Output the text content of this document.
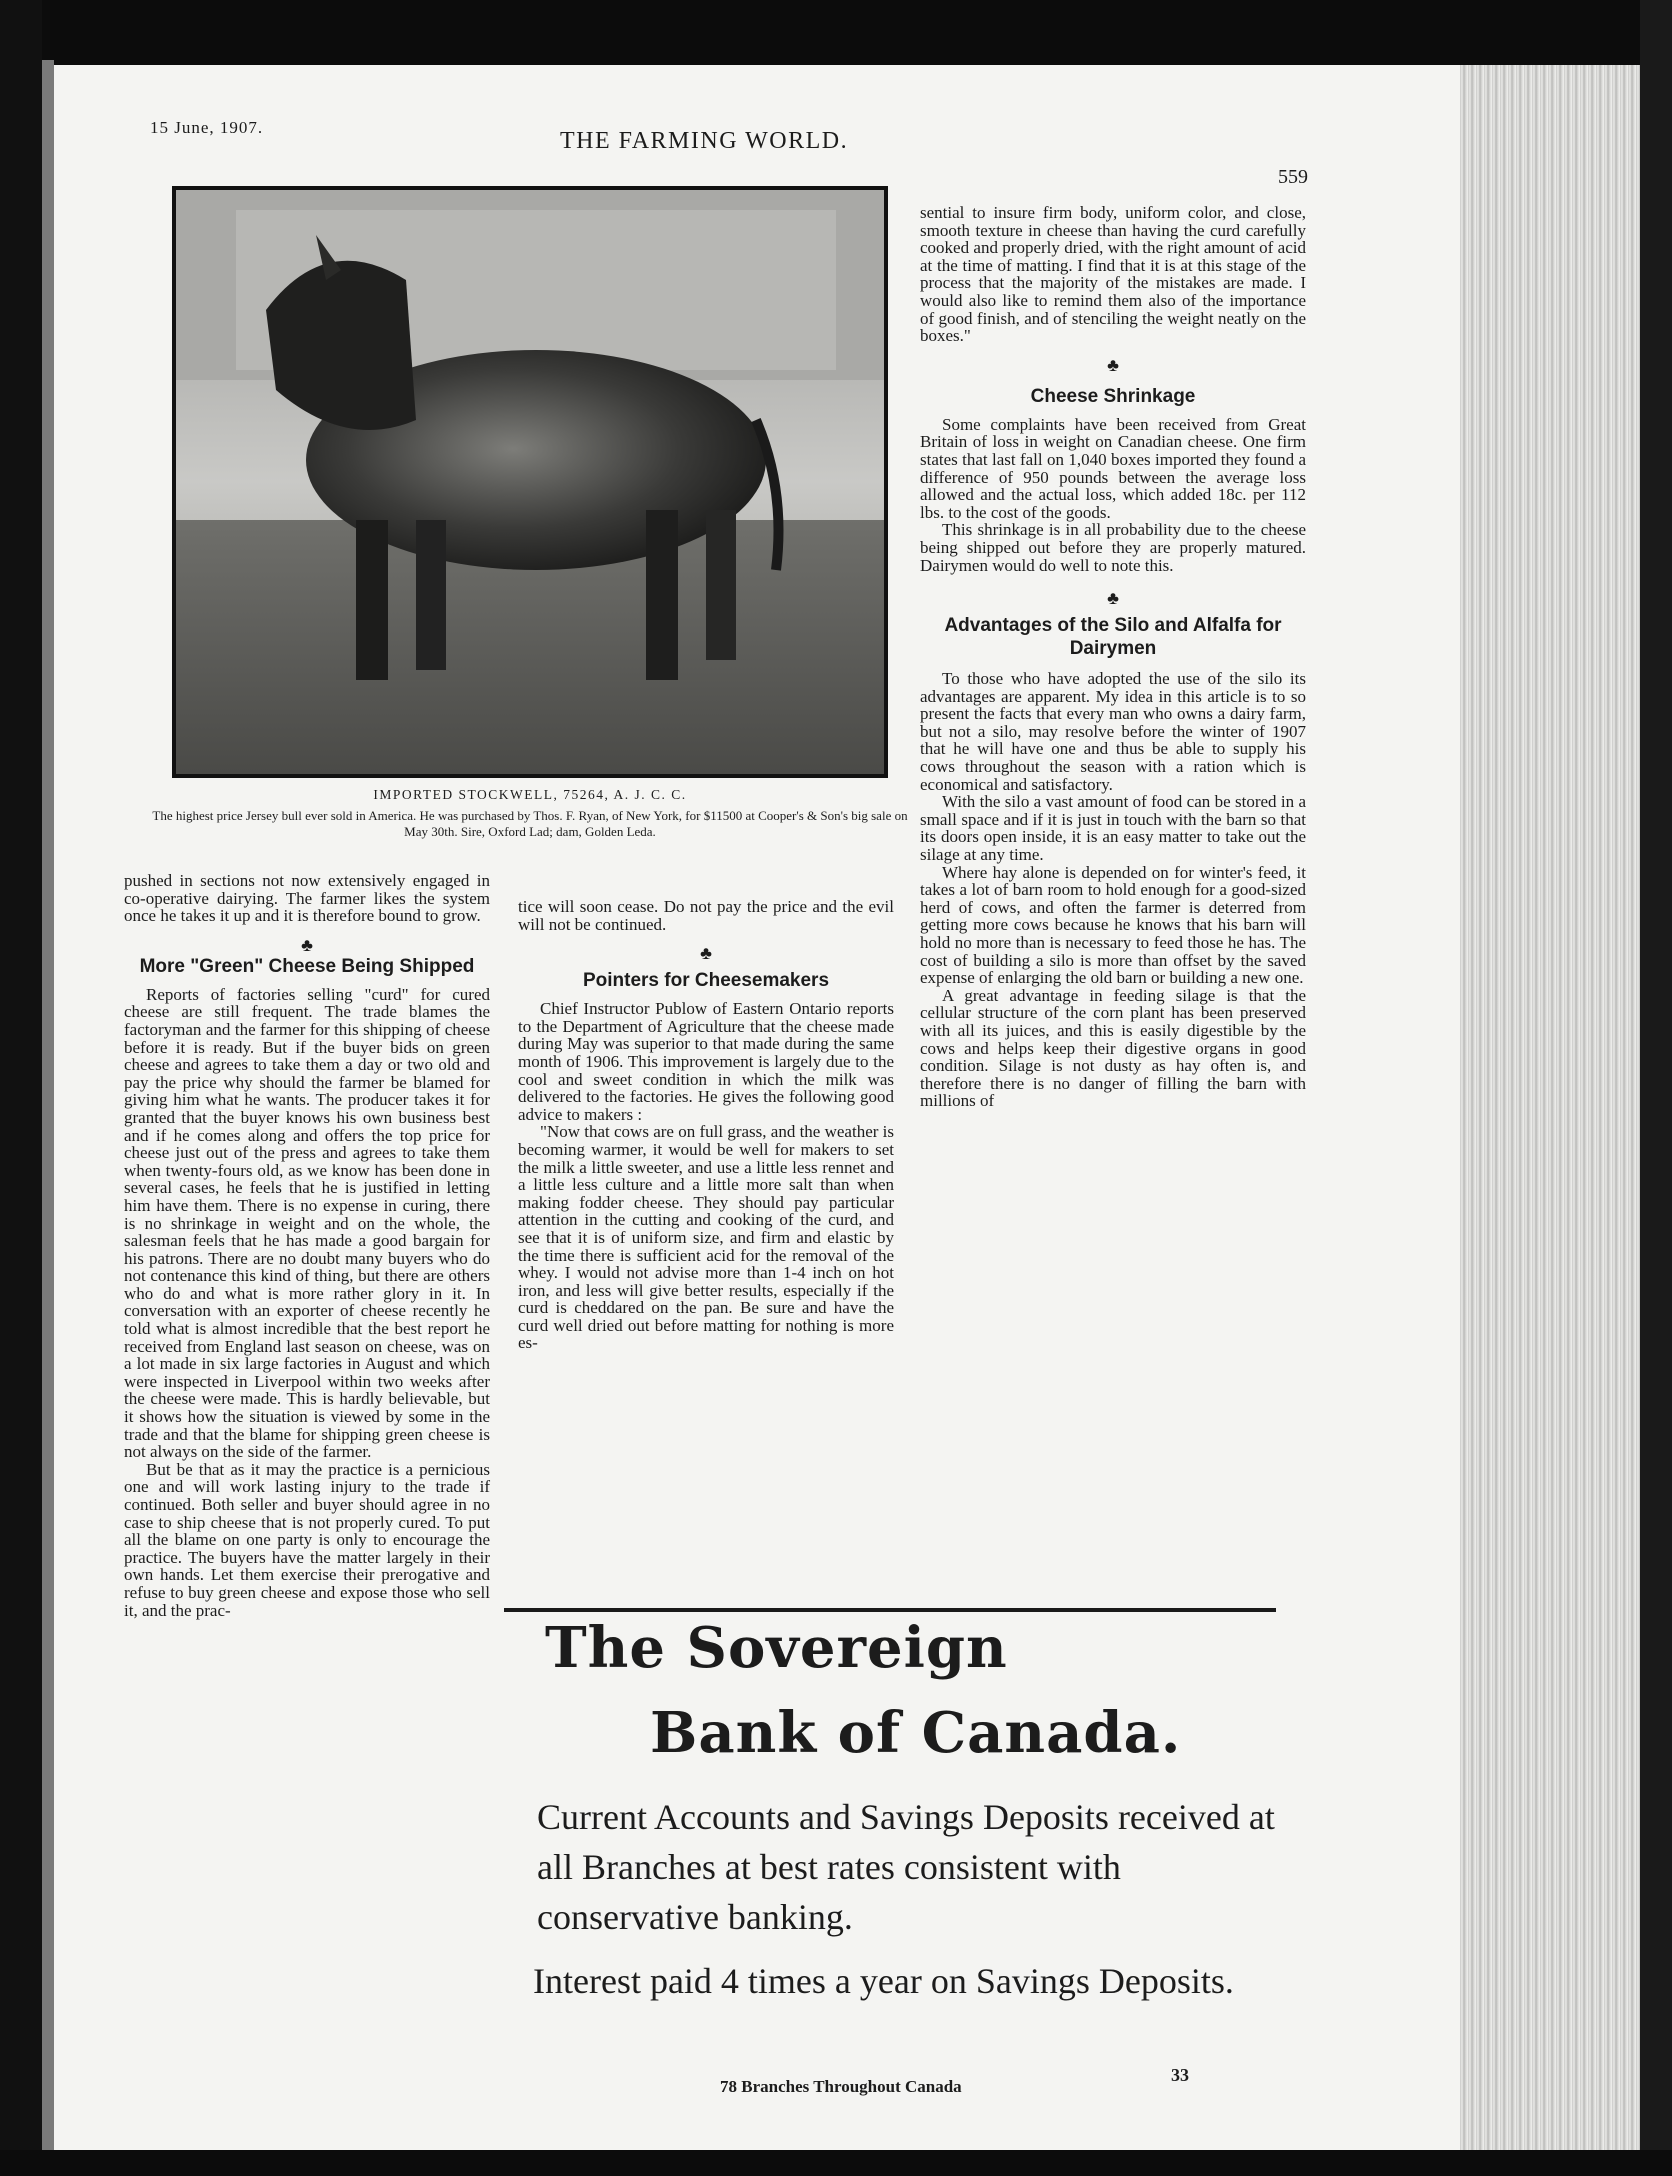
15 June, 1907.
THE FARMING WORLD.
559
IMPORTED STOCKWELL, 75264, A. J. C. C.
The highest price Jersey bull ever sold in America. He was purchased by Thos. F. Ryan, of New York, for $11500 at Cooper's & Son's big sale on May 30th. Sire, Oxford Lad; dam, Golden Leda.

pushed in sections not now extensively engaged in co-operative dairying. The farmer likes the system once he takes it up and it is therefore bound to grow.

♣
More "Green" Cheese Being Shipped

Reports of factories selling "curd" for cured cheese are still frequent. The trade blames the factoryman and the farmer for this shipping of cheese before it is ready. But if the buyer bids on green cheese and agrees to take them a day or two old and pay the price why should the farmer be blamed for giving him what he wants. The producer takes it for granted that the buyer knows his own business best and if he comes along and offers the top price for cheese just out of the press and agrees to take them when twenty-fours old, as we know has been done in several cases, he feels that he is justified in letting him have them. There is no expense in curing, there is no shrinkage in weight and on the whole, the salesman feels that he has made a good bargain for his patrons. There are no doubt many buyers who do not contenance this kind of thing, but there are others who do and what is more rather glory in it. In conversation with an exporter of cheese recently he told what is almost incredible that the best report he received from England last season on cheese, was on a lot made in six large factories in August and which were inspected in Liverpool within two weeks after the cheese were made. This is hardly believable, but it shows how the situation is viewed by some in the trade and that the blame for shipping green cheese is not always on the side of the farmer.

But be that as it may the practice is a pernicious one and will work lasting injury to the trade if continued. Both seller and buyer should agree in no case to ship cheese that is not properly cured. To put all the blame on one party is only to encourage the practice. The buyers have the matter largely in their own hands. Let them exercise their prerogative and refuse to buy green cheese and expose those who sell it, and the prac-

tice will soon cease. Do not pay the price and the evil will not be continued.

♣
Pointers for Cheesemakers

Chief Instructor Publow of Eastern Ontario reports to the Department of Agriculture that the cheese made during May was superior to that made during the same month of 1906. This improvement is largely due to the cool and sweet condition in which the milk was delivered to the factories. He gives the following good advice to makers :

"Now that cows are on full grass, and the weather is becoming warmer, it would be well for makers to set the milk a little sweeter, and use a little less rennet and a little less culture and a little more salt than when making fodder cheese. They should pay particular attention in the cutting and cooking of the curd, and see that it is of uniform size, and firm and elastic by the time there is sufficient acid for the removal of the whey. I would not advise more than 1-4 inch on hot iron, and less will give better results, especially if the curd is cheddared on the pan. Be sure and have the curd well dried out before matting for nothing is more es-

sential to insure firm body, uniform color, and close, smooth texture in cheese than having the curd carefully cooked and properly dried, with the right amount of acid at the time of matting. I find that it is at this stage of the process that the majority of the mistakes are made. I would also like to remind them also of the importance of good finish, and of stenciling the weight neatly on the boxes."

♣
Cheese Shrinkage

Some complaints have been received from Great Britain of loss in weight on Canadian cheese. One firm states that last fall on 1,040 boxes imported they found a difference of 950 pounds between the average loss allowed and the actual loss, which added 18c. per 112 lbs. to the cost of the goods.

This shrinkage is in all probability due to the cheese being shipped out before they are properly matured. Dairymen would do well to note this.

♣
Advantages of the Silo and Alfalfa for Dairymen

To those who have adopted the use of the silo its advantages are apparent. My idea in this article is to so present the facts that every man who owns a dairy farm, but not a silo, may resolve before the winter of 1907 that he will have one and thus be able to supply his cows throughout the season with a ration which is economical and satisfactory.

With the silo a vast amount of food can be stored in a small space and if it is just in touch with the barn so that its doors open inside, it is an easy matter to take out the silage at any time.

Where hay alone is depended on for winter's feed, it takes a lot of barn room to hold enough for a good-sized herd of cows, and often the farmer is deterred from getting more cows because he knows that his barn will hold no more than is necessary to feed those he has. The cost of building a silo is more than offset by the saved expense of enlarging the old barn or building a new one.

A great advantage in feeding silage is that the cellular structure of the corn plant has been preserved with all its juices, and this is easily digestible by the cows and helps keep their digestive organs in good condition. Silage is not dusty as hay often is, and therefore there is no danger of filling the barn with millions of

The Sovereign
Bank of Canada.
Current Accounts and Savings Deposits received at all Branches at best rates consistent with conservative banking.
Interest paid 4 times a year on Savings Deposits.
78 Branches Throughout Canada
33
